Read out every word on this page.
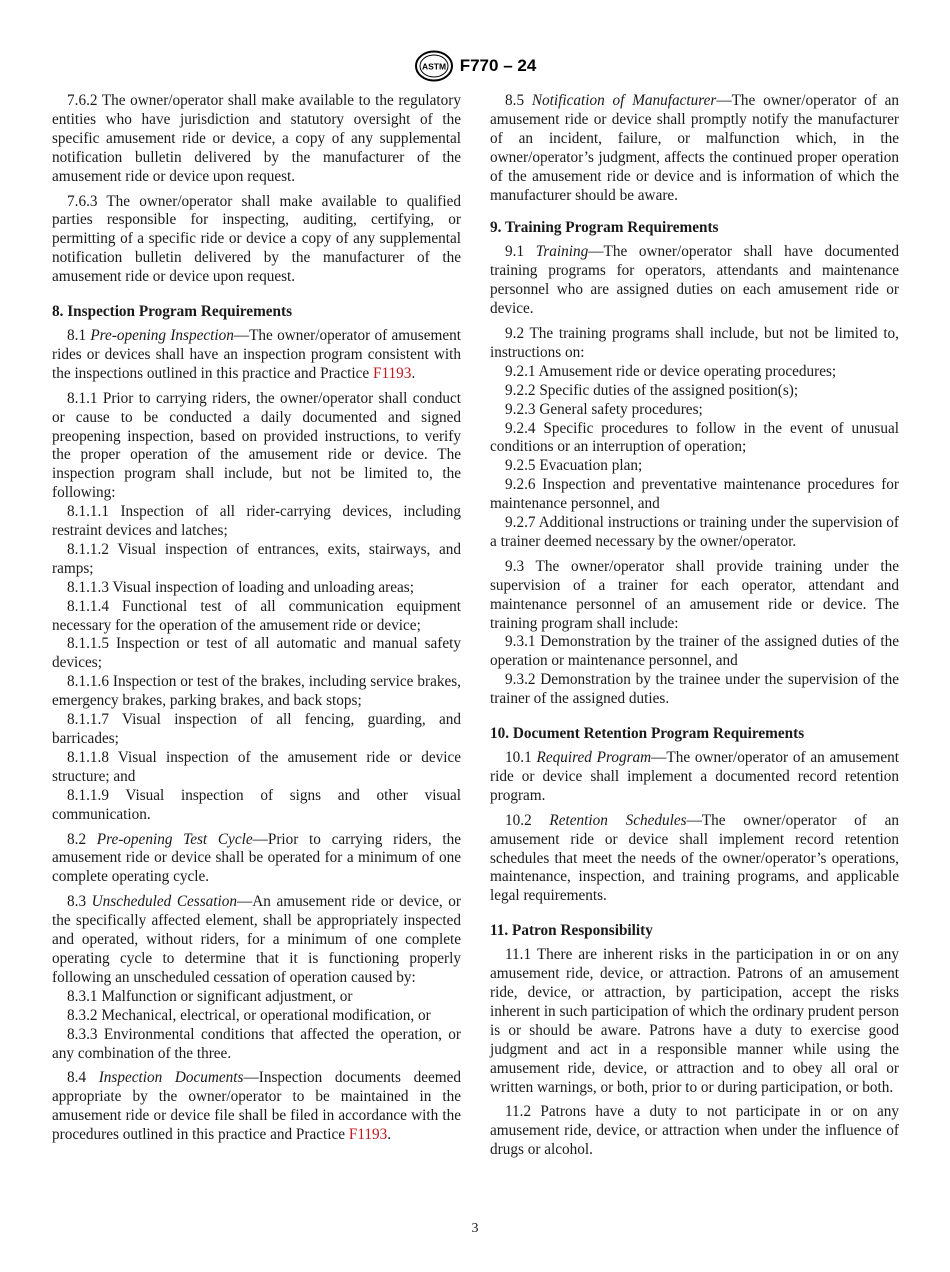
ASTM F770 – 24

7.6.2 The owner/operator shall make available to the regulatory entities who have jurisdiction and statutory oversight of the specific amusement ride or device, a copy of any supplemental notification bulletin delivered by the manufacturer of the amusement ride or device upon request.

7.6.3 The owner/operator shall make available to qualified parties responsible for inspecting, auditing, certifying, or permitting of a specific ride or device a copy of any supplemental notification bulletin delivered by the manufacturer of the amusement ride or device upon request.

8. Inspection Program Requirements

8.1 Pre-opening Inspection—The owner/operator of amusement rides or devices shall have an inspection program consistent with the inspections outlined in this practice and Practice F1193.

8.1.1 Prior to carrying riders, the owner/operator shall conduct or cause to be conducted a daily documented and signed preopening inspection, based on provided instructions, to verify the proper operation of the amusement ride or device. The inspection program shall include, but not be limited to, the following:

8.1.1.1 Inspection of all rider-carrying devices, including restraint devices and latches;

8.1.1.2 Visual inspection of entrances, exits, stairways, and ramps;

8.1.1.3 Visual inspection of loading and unloading areas;

8.1.1.4 Functional test of all communication equipment necessary for the operation of the amusement ride or device;

8.1.1.5 Inspection or test of all automatic and manual safety devices;

8.1.1.6 Inspection or test of the brakes, including service brakes, emergency brakes, parking brakes, and back stops;

8.1.1.7 Visual inspection of all fencing, guarding, and barricades;

8.1.1.8 Visual inspection of the amusement ride or device structure; and

8.1.1.9 Visual inspection of signs and other visual communication.

8.2 Pre-opening Test Cycle—Prior to carrying riders, the amusement ride or device shall be operated for a minimum of one complete operating cycle.

8.3 Unscheduled Cessation—An amusement ride or device, or the specifically affected element, shall be appropriately inspected and operated, without riders, for a minimum of one complete operating cycle to determine that it is functioning properly following an unscheduled cessation of operation caused by:

8.3.1 Malfunction or significant adjustment, or

8.3.2 Mechanical, electrical, or operational modification, or

8.3.3 Environmental conditions that affected the operation, or any combination of the three.

8.4 Inspection Documents—Inspection documents deemed appropriate by the owner/operator to be maintained in the amusement ride or device file shall be filed in accordance with the procedures outlined in this practice and Practice F1193.

8.5 Notification of Manufacturer—The owner/operator of an amusement ride or device shall promptly notify the manufacturer of an incident, failure, or malfunction which, in the owner/operator’s judgment, affects the continued proper operation of the amusement ride or device and is information of which the manufacturer should be aware.

9. Training Program Requirements

9.1 Training—The owner/operator shall have documented training programs for operators, attendants and maintenance personnel who are assigned duties on each amusement ride or device.

9.2 The training programs shall include, but not be limited to, instructions on:

9.2.1 Amusement ride or device operating procedures;

9.2.2 Specific duties of the assigned position(s);

9.2.3 General safety procedures;

9.2.4 Specific procedures to follow in the event of unusual conditions or an interruption of operation;

9.2.5 Evacuation plan;

9.2.6 Inspection and preventative maintenance procedures for maintenance personnel, and

9.2.7 Additional instructions or training under the supervision of a trainer deemed necessary by the owner/operator.

9.3 The owner/operator shall provide training under the supervision of a trainer for each operator, attendant and maintenance personnel of an amusement ride or device. The training program shall include:

9.3.1 Demonstration by the trainer of the assigned duties of the operation or maintenance personnel, and

9.3.2 Demonstration by the trainee under the supervision of the trainer of the assigned duties.

10. Document Retention Program Requirements

10.1 Required Program—The owner/operator of an amusement ride or device shall implement a documented record retention program.

10.2 Retention Schedules—The owner/operator of an amusement ride or device shall implement record retention schedules that meet the needs of the owner/operator’s operations, maintenance, inspection, and training programs, and applicable legal requirements.

11. Patron Responsibility

11.1 There are inherent risks in the participation in or on any amusement ride, device, or attraction. Patrons of an amusement ride, device, or attraction, by participation, accept the risks inherent in such participation of which the ordinary prudent person is or should be aware. Patrons have a duty to exercise good judgment and act in a responsible manner while using the amusement ride, device, or attraction and to obey all oral or written warnings, or both, prior to or during participation, or both.

11.2 Patrons have a duty to not participate in or on any amusement ride, device, or attraction when under the influence of drugs or alcohol.

3
